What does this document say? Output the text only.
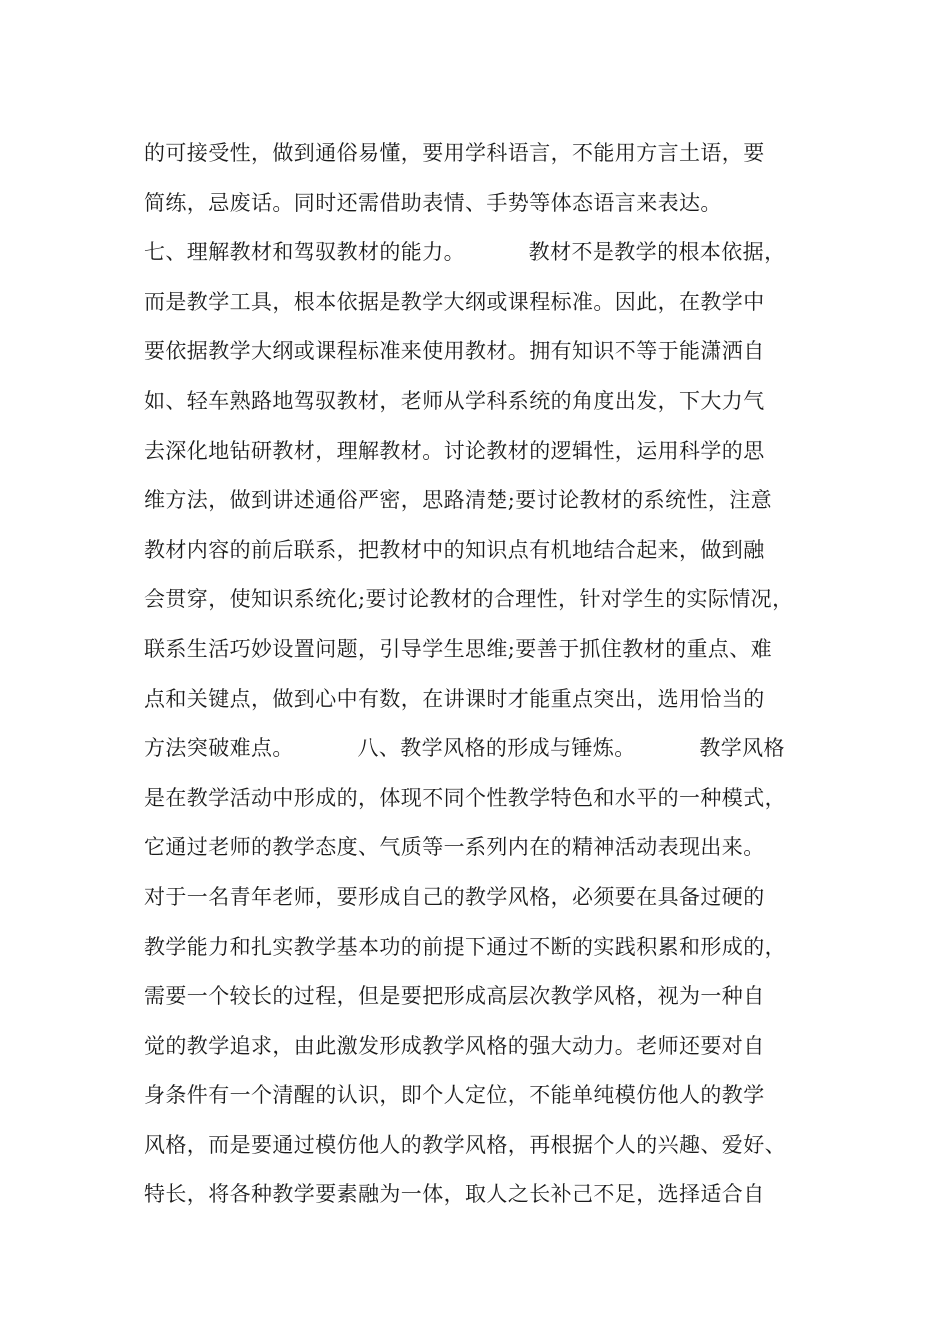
的可接受性，做到通俗易懂，要用学科语言，不能用方言土语，要
简练，忌废话。同时还需借助表情、手势等体态语言来表达。
七、理解教材和驾驭教材的能力。         教材不是教学的根本依据，
而是教学工具，根本依据是教学大纲或课程标准。因此，在教学中
要依据教学大纲或课程标准来使用教材。拥有知识不等于能潇洒自
如、轻车熟路地驾驭教材，老师从学科系统的角度出发，下大力气
去深化地钻研教材，理解教材。讨论教材的逻辑性，运用科学的思
维方法，做到讲述通俗严密，思路清楚;要讨论教材的系统性，注意
教材内容的前后联系，把教材中的知识点有机地结合起来，做到融
会贯穿，使知识系统化;要讨论教材的合理性，针对学生的实际情况，
联系生活巧妙设置问题，引导学生思维;要善于抓住教材的重点、难
点和关键点，做到心中有数，在讲课时才能重点突出，选用恰当的
方法突破难点。         八、教学风格的形成与锤炼。         教学风格
是在教学活动中形成的，体现不同个性教学特色和水平的一种模式，
它通过老师的教学态度、气质等一系列内在的精神活动表现出来。
对于一名青年老师，要形成自己的教学风格，必须要在具备过硬的
教学能力和扎实教学基本功的前提下通过不断的实践积累和形成的，
需要一个较长的过程，但是要把形成高层次教学风格，视为一种自
觉的教学追求，由此激发形成教学风格的强大动力。老师还要对自
身条件有一个清醒的认识，即个人定位，不能单纯模仿他人的教学
风格，而是要通过模仿他人的教学风格，再根据个人的兴趣、爱好、
特长，将各种教学要素融为一体，取人之长补己不足，选择适合自
